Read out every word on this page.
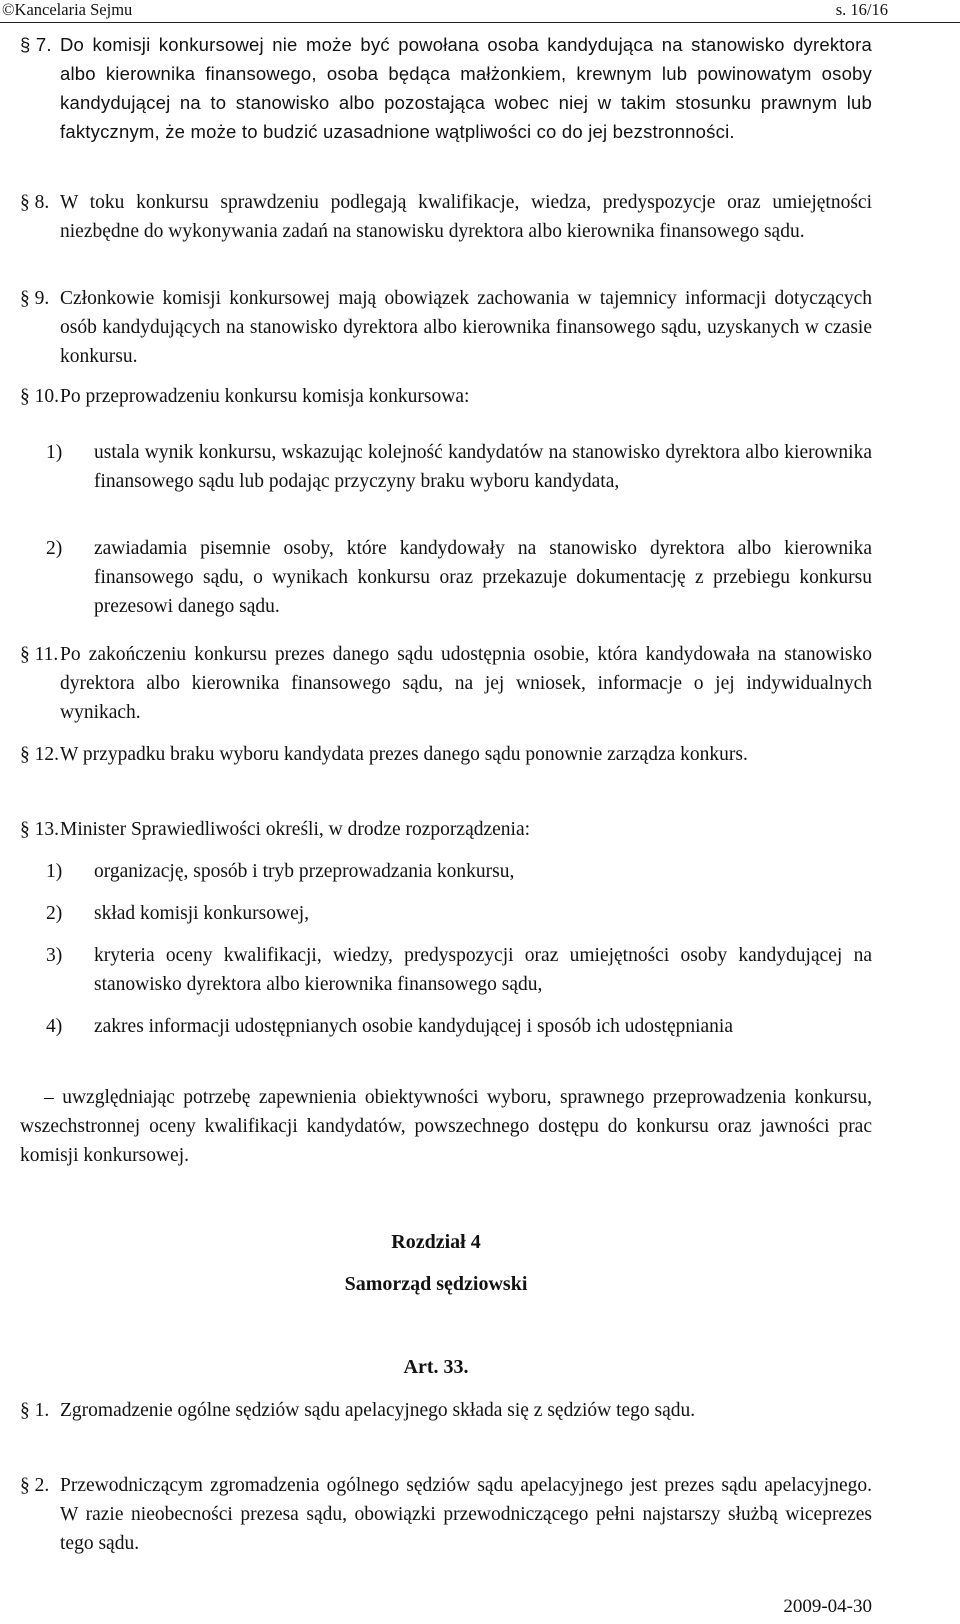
©Kancelaria Sejmu	s. 16/16
§ 7. Do komisji konkursowej nie może być powołana osoba kandydująca na stanowisko dyrektora albo kierownika finansowego, osoba będąca małżonkiem, krewnym lub powinowatym osoby kandydującej na to stanowisko albo pozostająca wobec niej w takim stosunku prawnym lub faktycznym, że może to budzić uzasadnione wątpliwości co do jej bezstronności.
§ 8. W toku konkursu sprawdzeniu podlegają kwalifikacje, wiedza, predyspozycje oraz umiejętności niezbędne do wykonywania zadań na stanowisku dyrektora albo kierownika finansowego sądu.
§ 9. Członkowie komisji konkursowej mają obowiązek zachowania w tajemnicy informacji dotyczących osób kandydujących na stanowisko dyrektora albo kierownika finansowego sądu, uzyskanych w czasie konkursu.
§ 10. Po przeprowadzeniu konkursu komisja konkursowa:
1) ustala wynik konkursu, wskazując kolejność kandydatów na stanowisko dyrektora albo kierownika finansowego sądu lub podając przyczyny braku wyboru kandydata,
2) zawiadamia pisemnie osoby, które kandydowały na stanowisko dyrektora albo kierownika finansowego sądu, o wynikach konkursu oraz przekazuje dokumentację z przebiegu konkursu prezesowi danego sądu.
§ 11. Po zakończeniu konkursu prezes danego sądu udostępnia osobie, która kandydowała na stanowisko dyrektora albo kierownika finansowego sądu, na jej wniosek, informacje o jej indywidualnych wynikach.
§ 12. W przypadku braku wyboru kandydata prezes danego sądu ponownie zarządza konkurs.
§ 13. Minister Sprawiedliwości określi, w drodze rozporządzenia:
1) organizację, sposób i tryb przeprowadzania konkursu,
2) skład komisji konkursowej,
3) kryteria oceny kwalifikacji, wiedzy, predyspozycji oraz umiejętności osoby kandydującej na stanowisko dyrektora albo kierownika finansowego sądu,
4) zakres informacji udostępnianych osobie kandydującej i sposób ich udostępniania
– uwzględniając potrzebę zapewnienia obiektywności wyboru, sprawnego przeprowadzenia konkursu, wszechstronnej oceny kwalifikacji kandydatów, powszechnego dostępu do konkursu oraz jawności prac komisji konkursowej.
Rozdział 4
Samorząd sędziowski
Art. 33.
§ 1. Zgromadzenie ogólne sędziów sądu apelacyjnego składa się z sędziów tego sądu.
§ 2. Przewodniczącym zgromadzenia ogólnego sędziów sądu apelacyjnego jest prezes sądu apelacyjnego. W razie nieobecności prezesa sądu, obowiązki przewodniczącego pełni najstarszy służbą wiceprezes tego sądu.
2009-04-30
